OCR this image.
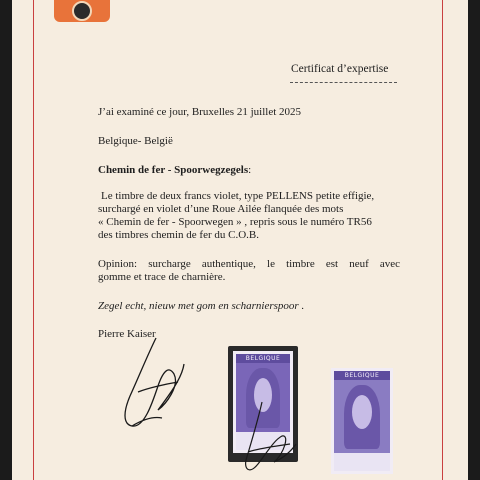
Certificat d’expertise

J’ai examiné ce jour, Bruxelles 21 juillet 2025

Belgique- België

Chemin de fer - Spoorwegzegels:

Le timbre de deux francs violet, type PELLENS petite effigie,

surchargé en violet d’une Roue Ailée flanquée des mots

« Chemin de fer - Spoorwegen » , repris sous le numéro TR56

des timbres chemin de fer du C.O.B.

Opinion: surcharge authentique, le timbre est neuf avec

gomme et trace de charnière.

Zegel echt, nieuw met gom en scharnierspoor .

Pierre Kaiser

BELGIQUE
BELGIQUE
